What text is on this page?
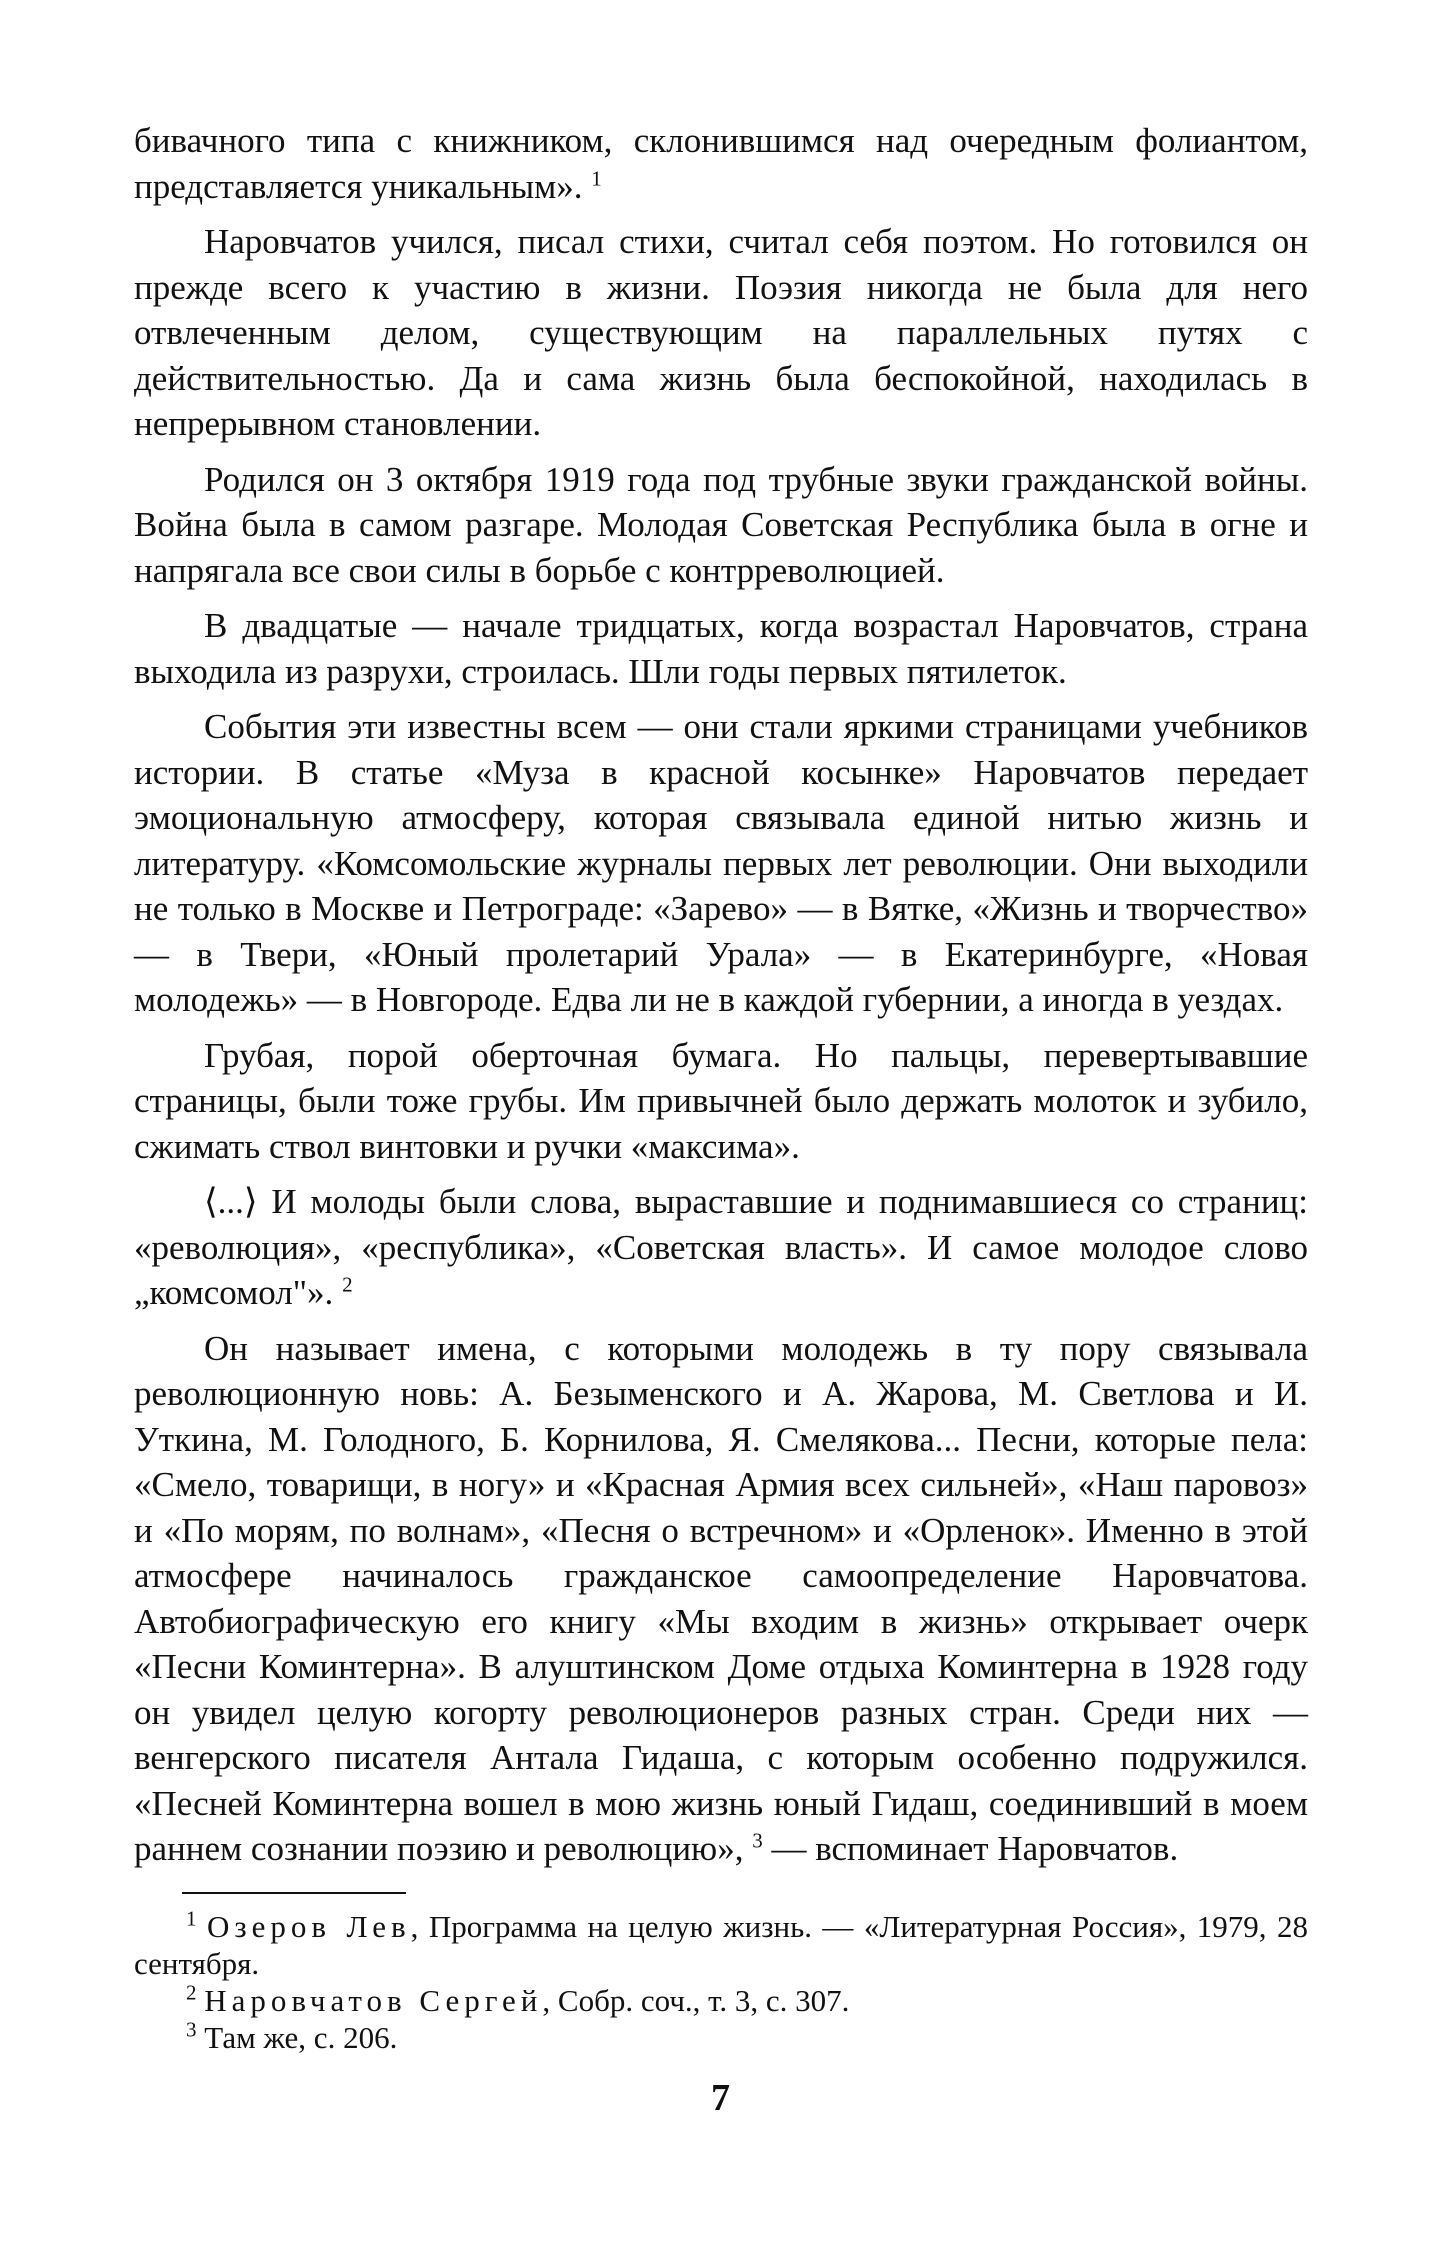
бивачного типа с книжником, склонившимся над очередным фолиантом, представляется уникальным». $^1$

Наровчатов учился, писал стихи, считал себя поэтом. Но готовился он прежде всего к участию в жизни. Поэзия никогда не была для него отвлеченным делом, существующим на параллельных путях с действительностью. Да и сама жизнь была беспокойной, находилась в непрерывном становлении.

Родился он 3 октября 1919 года под трубные звуки гражданской войны. Война была в самом разгаре. Молодая Советская Республика была в огне и напрягала все свои силы в борьбе с контрреволюцией.

В двадцатые — начале тридцатых, когда возрастал Наровчатов, страна выходила из разрухи, строилась. Шли годы первых пятилеток.

События эти известны всем — они стали яркими страницами учебников истории. В статье «Муза в красной косынке» Наровчатов передает эмоциональную атмосферу, которая связывала единой нитью жизнь и литературу. «Комсомольские журналы первых лет революции. Они выходили не только в Москве и Петрограде: «Зарево» — в Вятке, «Жизнь и творчество» — в Твери, «Юный пролетарий Урала» — в Екатеринбурге, «Новая молодежь» — в Новгороде. Едва ли не в каждой губернии, а иногда в уездах.

Грубая, порой оберточная бумага. Но пальцы, перевертывавшие страницы, были тоже грубы. Им привычней было держать молоток и зубило, сжимать ствол винтовки и ручки «максима».

⟨...⟩ И молоды были слова, выраставшие и поднимавшиеся со страниц: «революция», «республика», «Советская власть». И самое молодое слово „комсомол"». $^2$

Он называет имена, с которыми молодежь в ту пору связывала революционную новь: А. Безыменского и А. Жарова, М. Светлова и И. Уткина, М. Голодного, Б. Корнилова, Я. Смелякова... Песни, которые пела: «Смело, товарищи, в ногу» и «Красная Армия всех сильней», «Наш паровоз» и «По морям, по волнам», «Песня о встречном» и «Орленок». Именно в этой атмосфере начиналось гражданское самоопределение Наровчатова. Автобиографическую его книгу «Мы входим в жизнь» открывает очерк «Песни Коминтерна». В алуштинском Доме отдыха Коминтерна в 1928 году он увидел целую когорту революционеров разных стран. Среди них — венгерского писателя Антала Гидаша, с которым особенно подружился. «Песней Коминтерна вошел в мою жизнь юный Гидаш, соединивший в моем раннем сознании поэзию и революцию», $^3$ — вспоминает Наровчатов.

$^1$ Озеров Лев, Программа на целую жизнь. — «Литературная Россия», 1979, 28 сентября.

$^2$ Наровчатов Сергей, Собр. соч., т. 3, с. 307.

$^3$ Там же, с. 206.

7
